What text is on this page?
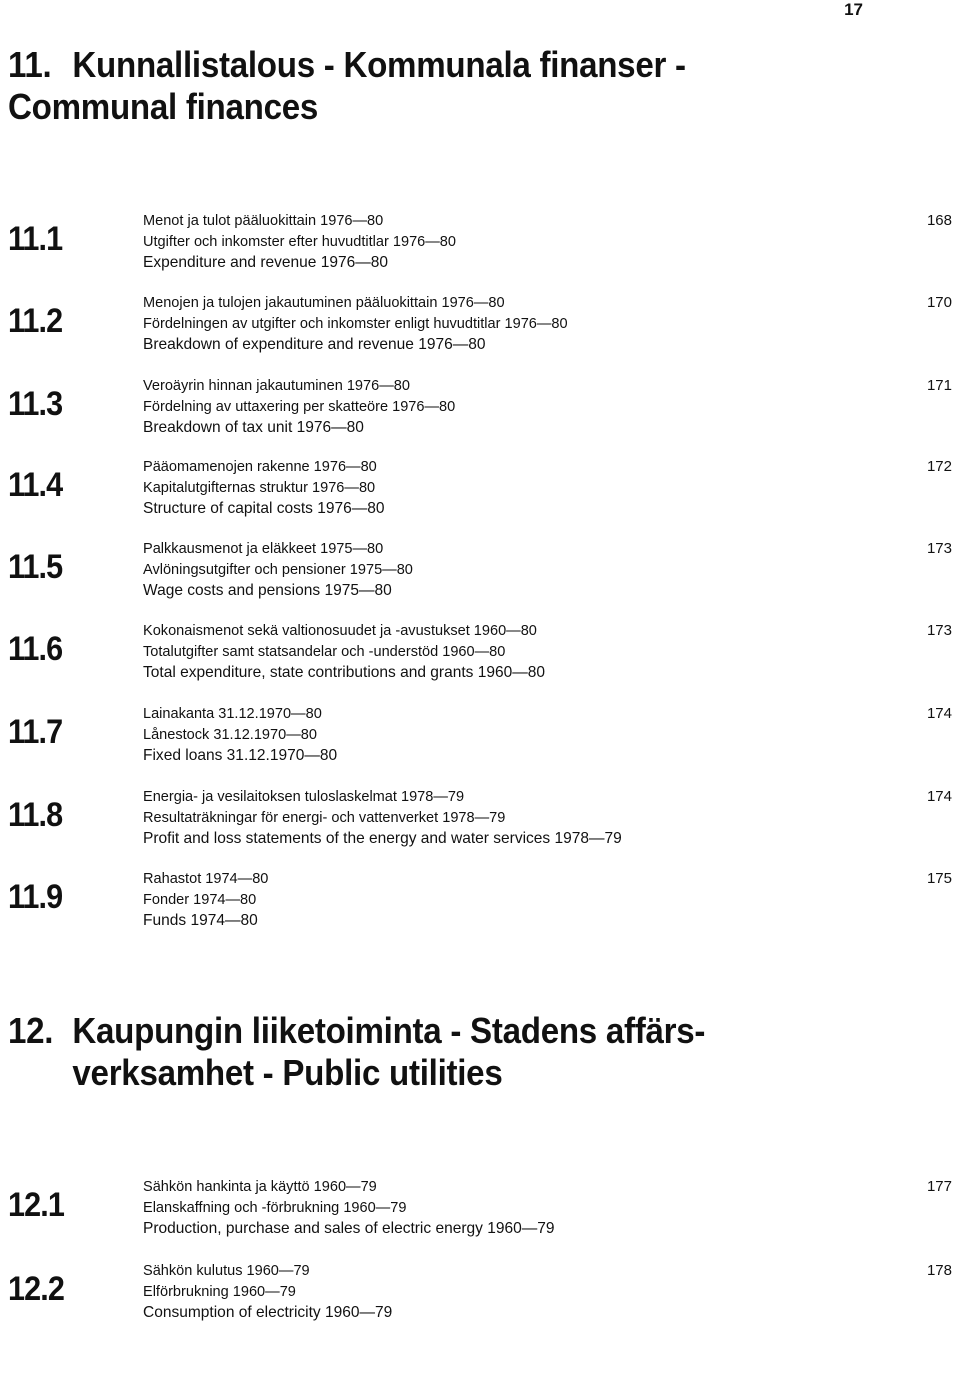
17
11. Kunnallistalous - Kommunala finanser -
Communal finances
11.1	Menot ja tulot pääluokittain 1976—80
Utgifter och inkomster efter huvudtitlar 1976—80
Expenditure and revenue 1976—80
168
11.2	Menojen ja tulojen jakautuminen pääluokittain 1976—80
Fördelningen av utgifter och inkomster enligt huvudtitlar 1976—80
Breakdown of expenditure and revenue 1976—80
170
11.3	Veroäyrin hinnan jakautuminen 1976—80
Fördelning av uttaxering per skatteöre 1976—80
Breakdown of tax unit 1976—80
171
11.4	Pääomamenojen rakenne 1976—80
Kapitalutgifternas struktur 1976—80
Structure of capital costs 1976—80
172
11.5	Palkkausmenot ja eläkkeet 1975—80
Avlöningsutgifter och pensioner 1975—80
Wage costs and pensions 1975—80
173
11.6	Kokonaismenot sekä valtionosuudet ja -avustukset 1960—80
Totalutgifter samt statsandelar och -understöd 1960—80
Total expenditure, state contributions and grants 1960—80
173
11.7	Lainakanta 31.12.1970—80
Lånestock 31.12.1970—80
Fixed loans 31.12.1970—80
174
11.8	Energia- ja vesilaitoksen tuloslaskelmat 1978—79
Resultaträkningar för energi- och vattenverket 1978—79
Profit and loss statements of the energy and water services 1978—79
174
11.9	Rahastot 1974—80
Fonder 1974—80
Funds 1974—80
175
12. Kaupungin liiketoiminta - Stadens affärs-
verksamhet - Public utilities
12.1	Sähkön hankinta ja käyttö 1960—79
Elanskaffning och -förbrukning 1960—79
Production, purchase and sales of electric energy 1960—79
177
12.2	Sähkön kulutus 1960—79
Elförbrukning 1960—79
Consumption of electricity 1960—79
178
